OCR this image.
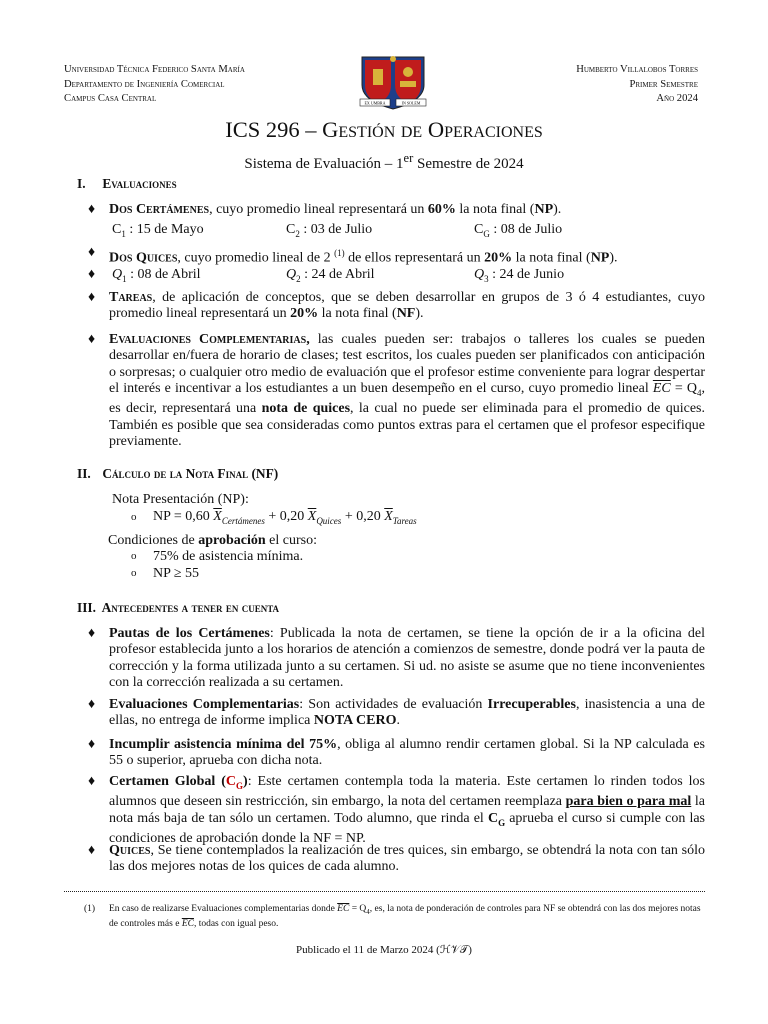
Universidad Técnica Federico Santa María
Departamento de Ingeniería Comercial
Campus Casa Central	EX UMBRA	IN SOLEM
Humberto Villalobos Torres
Primer Semestre
Año 2024
ICS 296 – Gestión de Operaciones
Sistema de Evaluación – 1er Semestre de 2024
I. Evaluaciones
♦ Dos Certámenes, cuyo promedio lineal representará un 60% la nota final (NP).
$C_1$ : 15 de Mayo	$C_2$ : 03 de Julio	$C_G$ : 08 de Julio
♦ Dos Quices, cuyo promedio lineal de 2 $^{(1)}$ de ellos representará un 20% la nota final (NP).
♦ $Q_1$ : 08 de Abril	$Q_2$ : 24 de Abril	$Q_3$ : 24 de Junio
♦ Tareas, de aplicación de conceptos, que se deben desarrollar en grupos de 3 ó 4 estudiantes, cuyo promedio lineal representará un 20% la nota final (NF).
♦ Evaluaciones Complementarias, las cuales pueden ser: trabajos o talleres los cuales se pueden desarrollar en/fuera de horario de clases; test escritos, los cuales pueden ser planificados con anticipación o sorpresas; o cualquier otro medio de evaluación que el profesor estime conveniente para lograr despertar el interés e incentivar a los estudiantes a un buen desempeño en el curso, cuyo promedio lineal $\overline{EC} = Q_4$, es decir, representará una nota de quices, la cual no puede ser eliminada para el promedio de quices. También es posible que sea consideradas como puntos extras para el certamen que el profesor especifique previamente.
II. Cálculo de la Nota Final (NF)
Nota Presentación (NP):
o NP = 0,60 $\overline{X}_{Certámenes} + 0,20$ $\overline{X}_{Quices} + 0,20$ $\overline{X}_{Tareas}$
Condiciones de aprobación el curso:
o 75% de asistencia mínima.
o NP ≥ 55
III. Antecedentes a tener en cuenta
♦ Pautas de los Certámenes: Publicada la nota de certamen, se tiene la opción de ir a la oficina del profesor establecida junto a los horarios de atención a comienzos de semestre, donde podrá ver la pauta de corrección y la forma utilizada junto a su certamen. Si ud. no asiste se asume que no tiene inconvenientes con la corrección realizada a su certamen.
♦ Evaluaciones Complementarias: Son actividades de evaluación Irrecuperables, inasistencia a una de ellas, no entrega de informe implica NOTA CERO.
♦ Incumplir asistencia mínima del 75%, obliga al alumno rendir certamen global. Si la NP calculada es 55 o superior, aprueba con dicha nota.
♦ Certamen Global $(C_G)$: Este certamen contempla toda la materia. Este certamen lo rinden todos los alumnos que deseen sin restricción, sin embargo, la nota del certamen reemplaza para bien o para mal la nota más baja de tan sólo un certamen. Todo alumno, que rinda el $C_G$ aprueba el curso si cumple con las condiciones de aprobación donde la NF = NP.
♦ Quices, Se tiene contemplados la realización de tres quices, sin embargo, se obtendrá la nota con tan sólo las dos mejores notas de los quices de cada alumno.
(1) En caso de realizarse Evaluaciones complementarias donde $\overline{EC} = Q_4$, es, la nota de ponderación de controles para NF se obtendrá con las dos mejores notas de controles más e $\overline{EC}$, todas con igual peso.
Publicado el 11 de Marzo 2024 (ℋ𝒱𝒯)
